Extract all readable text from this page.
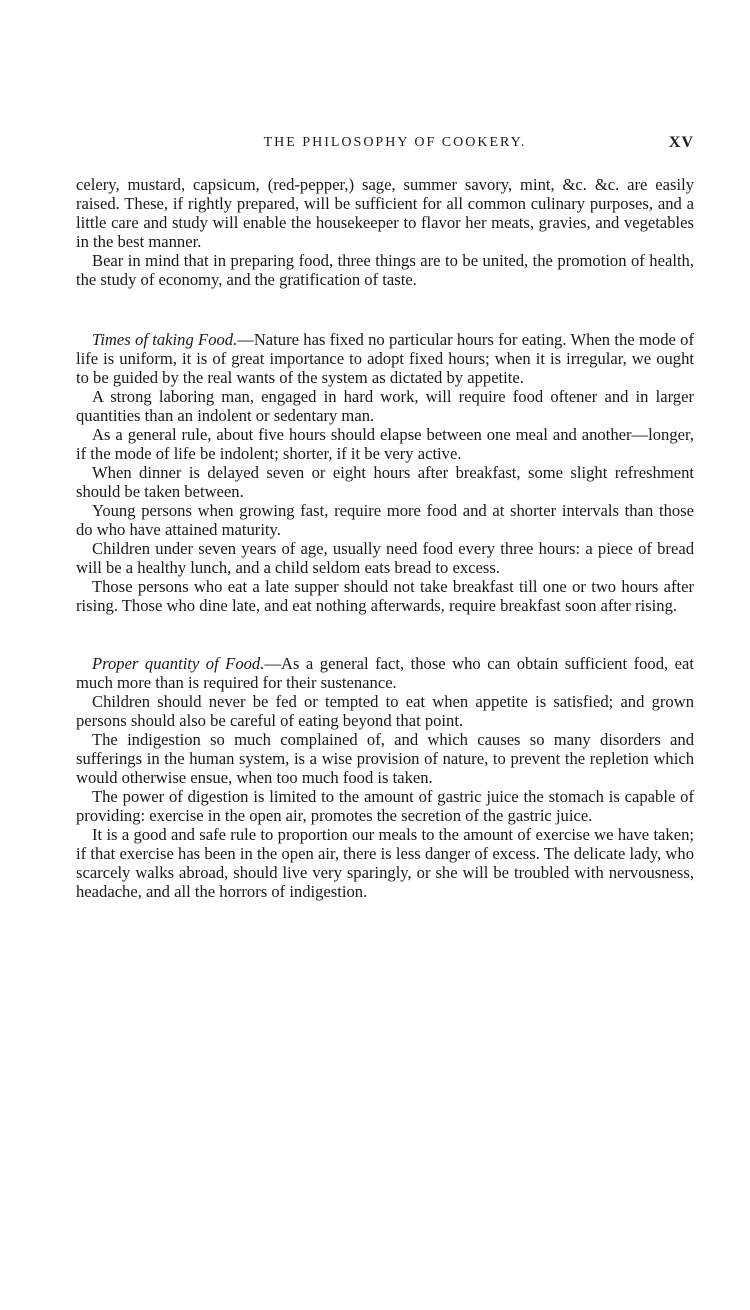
THE PHILOSOPHY OF COOKERY.	XV

celery, mustard, capsicum, (red-pepper,) sage, summer savory, mint, &c. &c. are easily raised. These, if rightly prepared, will be sufficient for all common culinary purposes, and a little care and study will enable the housekeeper to flavor her meats, gravies, and vegetables in the best manner.

Bear in mind that in preparing food, three things are to be united, the promotion of health, the study of economy, and the gratification of taste.

Times of taking Food.—Nature has fixed no particular hours for eating. When the mode of life is uniform, it is of great importance to adopt fixed hours; when it is irregular, we ought to be guided by the real wants of the system as dictated by appetite.

A strong laboring man, engaged in hard work, will require food oftener and in larger quantities than an indolent or sedentary man.

As a general rule, about five hours should elapse between one meal and another—longer, if the mode of life be indolent; shorter, if it be very active.

When dinner is delayed seven or eight hours after breakfast, some slight refreshment should be taken between.

Young persons when growing fast, require more food and at shorter intervals than those do who have attained maturity.

Children under seven years of age, usually need food every three hours: a piece of bread will be a healthy lunch, and a child seldom eats bread to excess.

Those persons who eat a late supper should not take breakfast till one or two hours after rising. Those who dine late, and eat nothing afterwards, require breakfast soon after rising.

Proper quantity of Food.—As a general fact, those who can obtain sufficient food, eat much more than is required for their sustenance.

Children should never be fed or tempted to eat when appetite is satisfied; and grown persons should also be careful of eating beyond that point.

The indigestion so much complained of, and which causes so many disorders and sufferings in the human system, is a wise provision of nature, to prevent the repletion which would otherwise ensue, when too much food is taken.

The power of digestion is limited to the amount of gastric juice the stomach is capable of providing: exercise in the open air, promotes the secretion of the gastric juice.

It is a good and safe rule to proportion our meals to the amount of exercise we have taken; if that exercise has been in the open air, there is less danger of excess. The delicate lady, who scarcely walks abroad, should live very sparingly, or she will be troubled with nervousness, headache, and all the horrors of indigestion.
